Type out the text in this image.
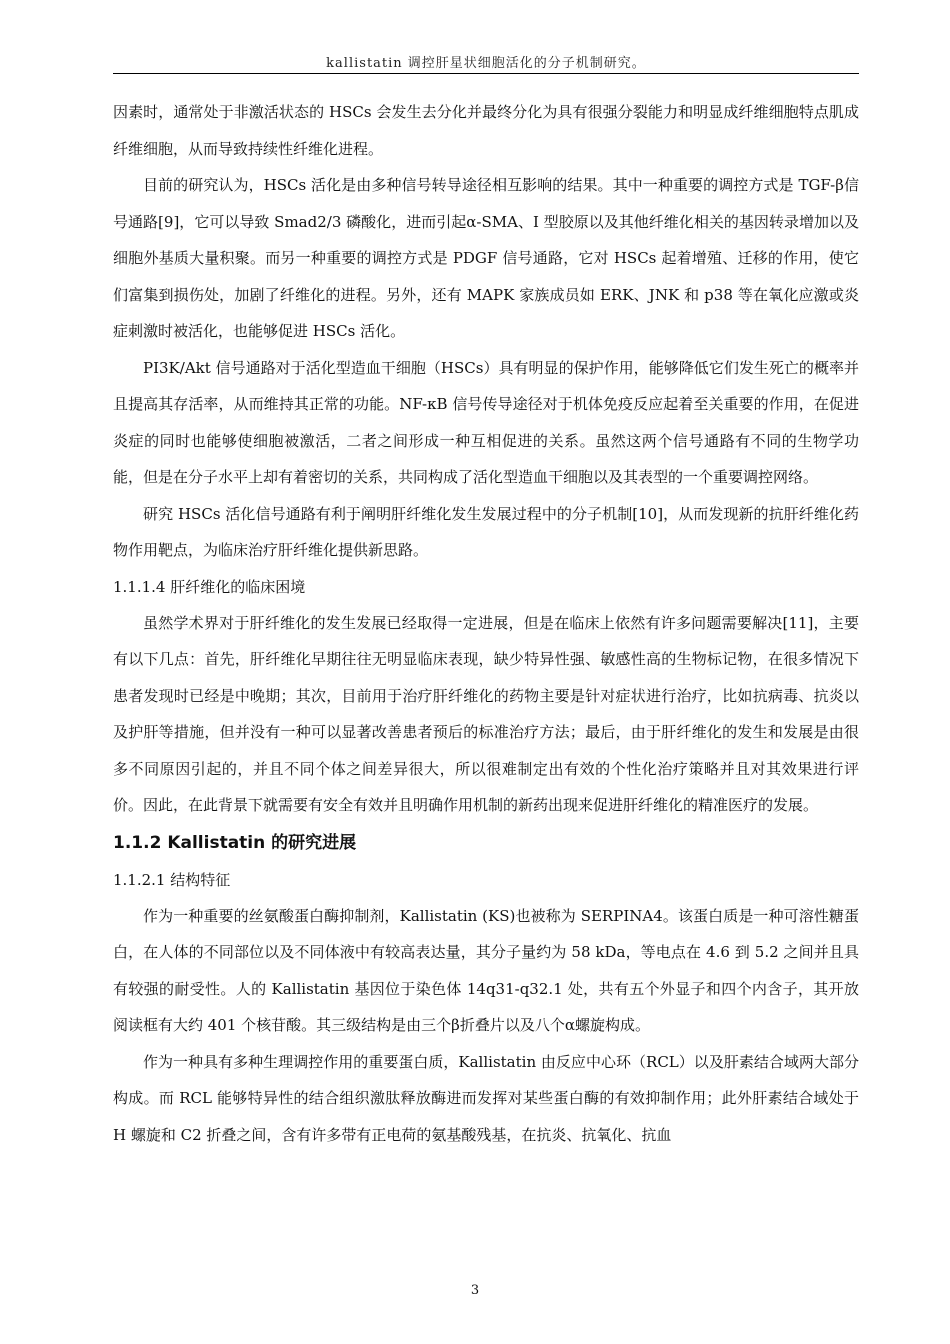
kallistatin 调控肝星状细胞活化的分子机制研究。

因素时，通常处于非激活状态的 HSCs 会发生去分化并最终分化为具有很强分裂能力和明显成纤维细胞特点肌成纤维细胞，从而导致持续性纤维化进程。

目前的研究认为，HSCs 活化是由多种信号转导途径相互影响的结果。其中一种重要的调控方式是 TGF-β信号通路[9]，它可以导致 Smad2/3 磷酸化，进而引起α-SMA、I 型胶原以及其他纤维化相关的基因转录增加以及细胞外基质大量积聚。而另一种重要的调控方式是 PDGF 信号通路，它对 HSCs 起着增殖、迁移的作用，使它们富集到损伤处，加剧了纤维化的进程。另外，还有 MAPK 家族成员如 ERK、JNK 和 p38 等在氧化应激或炎症刺激时被活化，也能够促进 HSCs 活化。

PI3K/Akt 信号通路对于活化型造血干细胞（HSCs）具有明显的保护作用，能够降低它们发生死亡的概率并且提高其存活率，从而维持其正常的功能。NF-κB 信号传导途径对于机体免疫反应起着至关重要的作用，在促进炎症的同时也能够使细胞被激活，二者之间形成一种互相促进的关系。虽然这两个信号通路有不同的生物学功能，但是在分子水平上却有着密切的关系，共同构成了活化型造血干细胞以及其表型的一个重要调控网络。

研究 HSCs 活化信号通路有利于阐明肝纤维化发生发展过程中的分子机制[10]，从而发现新的抗肝纤维化药物作用靶点，为临床治疗肝纤维化提供新思路。

1.1.1.4 肝纤维化的临床困境

虽然学术界对于肝纤维化的发生发展已经取得一定进展，但是在临床上依然有许多问题需要解决[11]，主要有以下几点：首先，肝纤维化早期往往无明显临床表现，缺少特异性强、敏感性高的生物标记物，在很多情况下患者发现时已经是中晚期；其次，目前用于治疗肝纤维化的药物主要是针对症状进行治疗，比如抗病毒、抗炎以及护肝等措施，但并没有一种可以显著改善患者预后的标准治疗方法；最后，由于肝纤维化的发生和发展是由很多不同原因引起的，并且不同个体之间差异很大，所以很难制定出有效的个性化治疗策略并且对其效果进行评价。因此，在此背景下就需要有安全有效并且明确作用机制的新药出现来促进肝纤维化的精准医疗的发展。

1.1.2 Kallistatin 的研究进展

1.1.2.1 结构特征

作为一种重要的丝氨酸蛋白酶抑制剂，Kallistatin (KS)也被称为 SERPINA4。该蛋白质是一种可溶性糖蛋白，在人体的不同部位以及不同体液中有较高表达量，其分子量约为 58 kDa，等电点在 4.6 到 5.2 之间并且具有较强的耐受性。人的 Kallistatin 基因位于染色体 14q31-q32.1 处，共有五个外显子和四个内含子，其开放阅读框有大约 401 个核苷酸。其三级结构是由三个β折叠片以及八个α螺旋构成。

作为一种具有多种生理调控作用的重要蛋白质，Kallistatin 由反应中心环（RCL）以及肝素结合域两大部分构成。而 RCL 能够特异性的结合组织激肽释放酶进而发挥对某些蛋白酶的有效抑制作用；此外肝素结合域处于 H 螺旋和 C2 折叠之间，含有许多带有正电荷的氨基酸残基，在抗炎、抗氧化、抗血

3
